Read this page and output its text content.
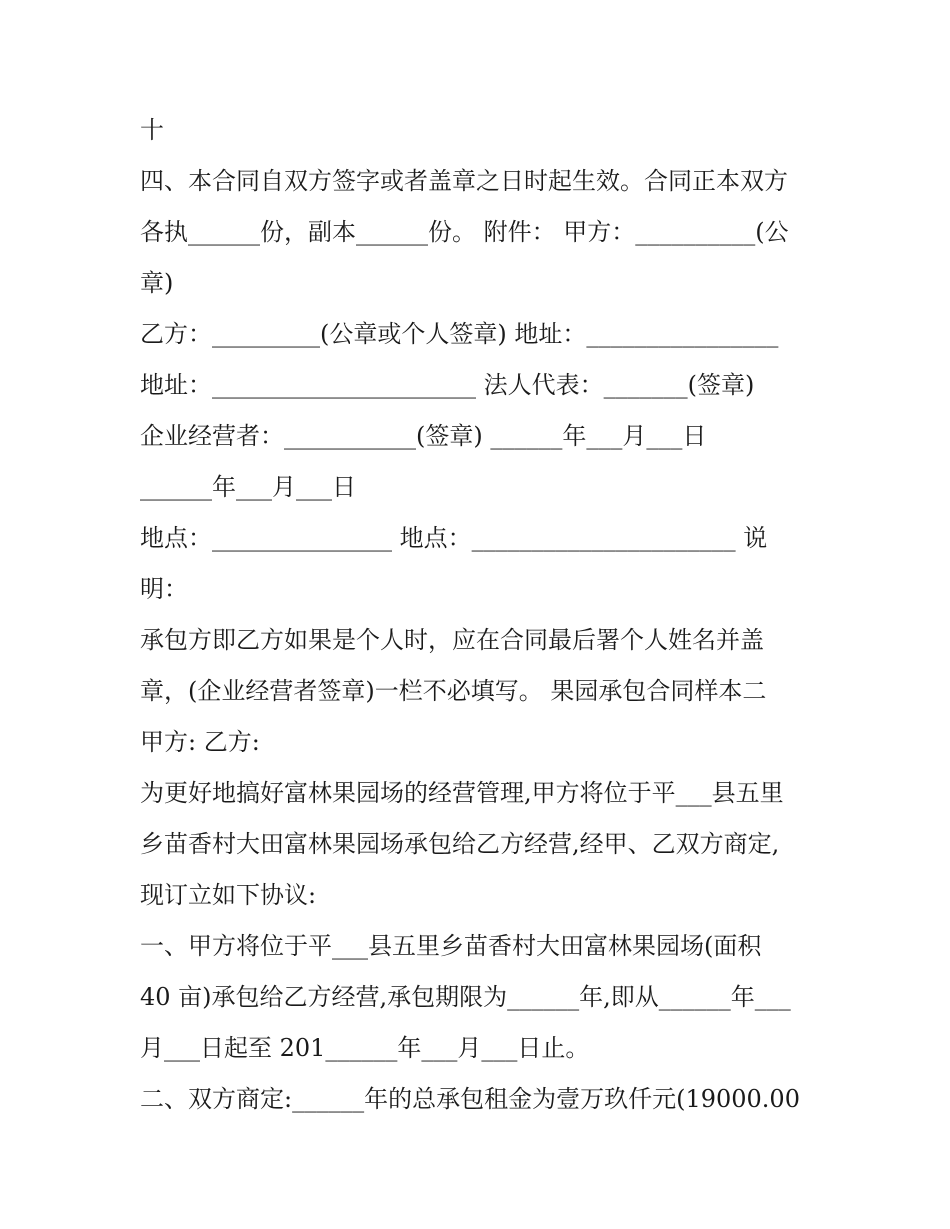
十
四、本合同自双方签字或者盖章之日时起生效。合同正本双方
各执______份，副本______份。 附件： 甲方：__________(公
章)
乙方：_________(公章或个人签章) 地址：________________
地址：______________________ 法人代表：_______(签章)
企业经营者：___________(签章) ______年___月___日
______年___月___日
地点：_______________ 地点：______________________ 说
明：
承包方即乙方如果是个人时，应在合同最后署个人姓名并盖
章，(企业经营者签章)一栏不必填写。 果园承包合同样本二
甲方: 乙方:
为更好地搞好富林果园场的经营管理,甲方将位于平___县五里
乡苗香村大田富林果园场承包给乙方经营,经甲、乙双方商定,
现订立如下协议:
一、甲方将位于平___县五里乡苗香村大田富林果园场(面积
40 亩)承包给乙方经营,承包期限为______年,即从______年___
月___日起至 201______年___月___日止。
二、双方商定:______年的总承包租金为壹万玖仟元(19000.00
